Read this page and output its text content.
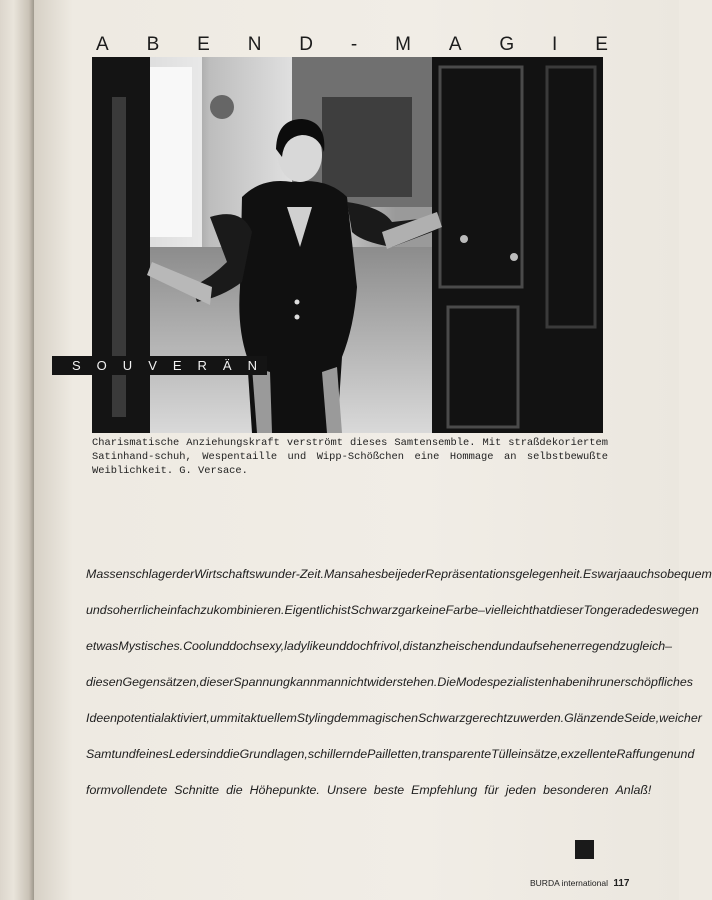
A B E N D - M A G I E
S O U V E R Ä N
Charismatische Anziehungskraft verströmt dieses Samtensemble. Mit straßdekoriertem Satinhand-schuh, Wespentaille und Wipp-Schößchen eine Hommage an selbstbewußte Weiblichkeit. G. Versace.
Massenschlager der Wirtschaftswunder-Zeit. Man sah es bei jeder Repräsentationsgelegenheit. Es war ja auch so bequem
und so herrlich einfach zu kombinieren. Eigentlich ist Schwarz gar keine Farbe – vielleicht hat dieser Ton gerade deswegen
etwas Mystisches. Cool und doch sexy, ladylike und doch frivol, distanzheischend und aufsehenerregend zugleich –
diesen Gegensätzen, dieser Spannung kann man nicht widerstehen. Die Modespezialisten haben ihr unerschöpfliches
Ideenpotential aktiviert, um mit aktuellem Styling dem magischen Schwarz gerecht zu werden. Glänzende Seide, weicher
Samt und feines Leder sind die Grundlagen, schillernde Pailletten, transparente Tülleinsätze, exzellente Raffungen und
formvollendete Schnitte die Höhepunkte. Unsere beste Empfehlung für jeden besonderen Anlaß!
BURDA international 117
